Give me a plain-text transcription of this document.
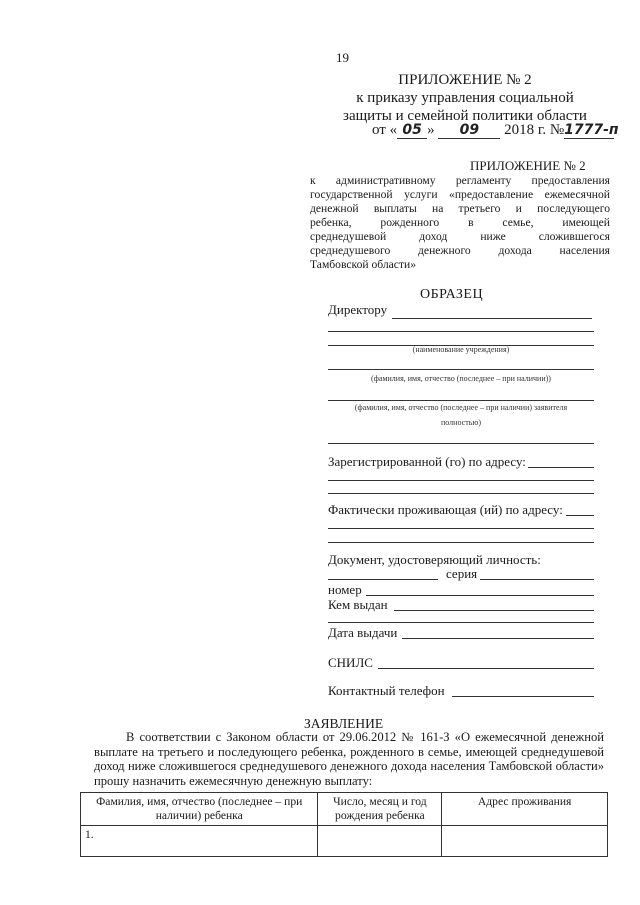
19
ПРИЛОЖЕНИЕ № 2
к приказу управления социальной
защиты и семейной политики области
от « 05 » 09 2018 г. №1777-п
ПРИЛОЖЕНИЕ № 2
к административному регламенту предоставления
государственной услуги «предоставление ежемесячной
денежной выплаты на третьего и последующего
ребенка, рожденного в семье, имеющей
среднедушевой доход ниже сложившегося
среднедушевого денежного дохода населения
Тамбовской области»
ОБРАЗЕЦ
Директору
(наименование учреждения)
(фамилия, имя, отчество (последнее – при наличии))
(фамилия, имя, отчество (последнее – при наличии) заявителя
полностью)
Зарегистрированной (го) по адресу:
Фактически проживающая (ий) по адресу:
Документ, удостоверяющий личность:
серия
номер
Кем выдан
Дата выдачи
СНИЛС
Контактный телефон
ЗАЯВЛЕНИЕ
В соответствии с Законом области от 29.06.2012 № 161-З «О ежемесячной денежной выплате на третьего и последующего ребенка, рожденного в семье, имеющей среднедушевой доход ниже сложившегося среднедушевого денежного дохода населения Тамбовской области» прошу назначить ежемесячную денежную выплату:
Фамилия, имя, отчество (последнее – при наличии) ребенка	Число, месяц и год рождения ребенка	Адрес проживания
1.		
